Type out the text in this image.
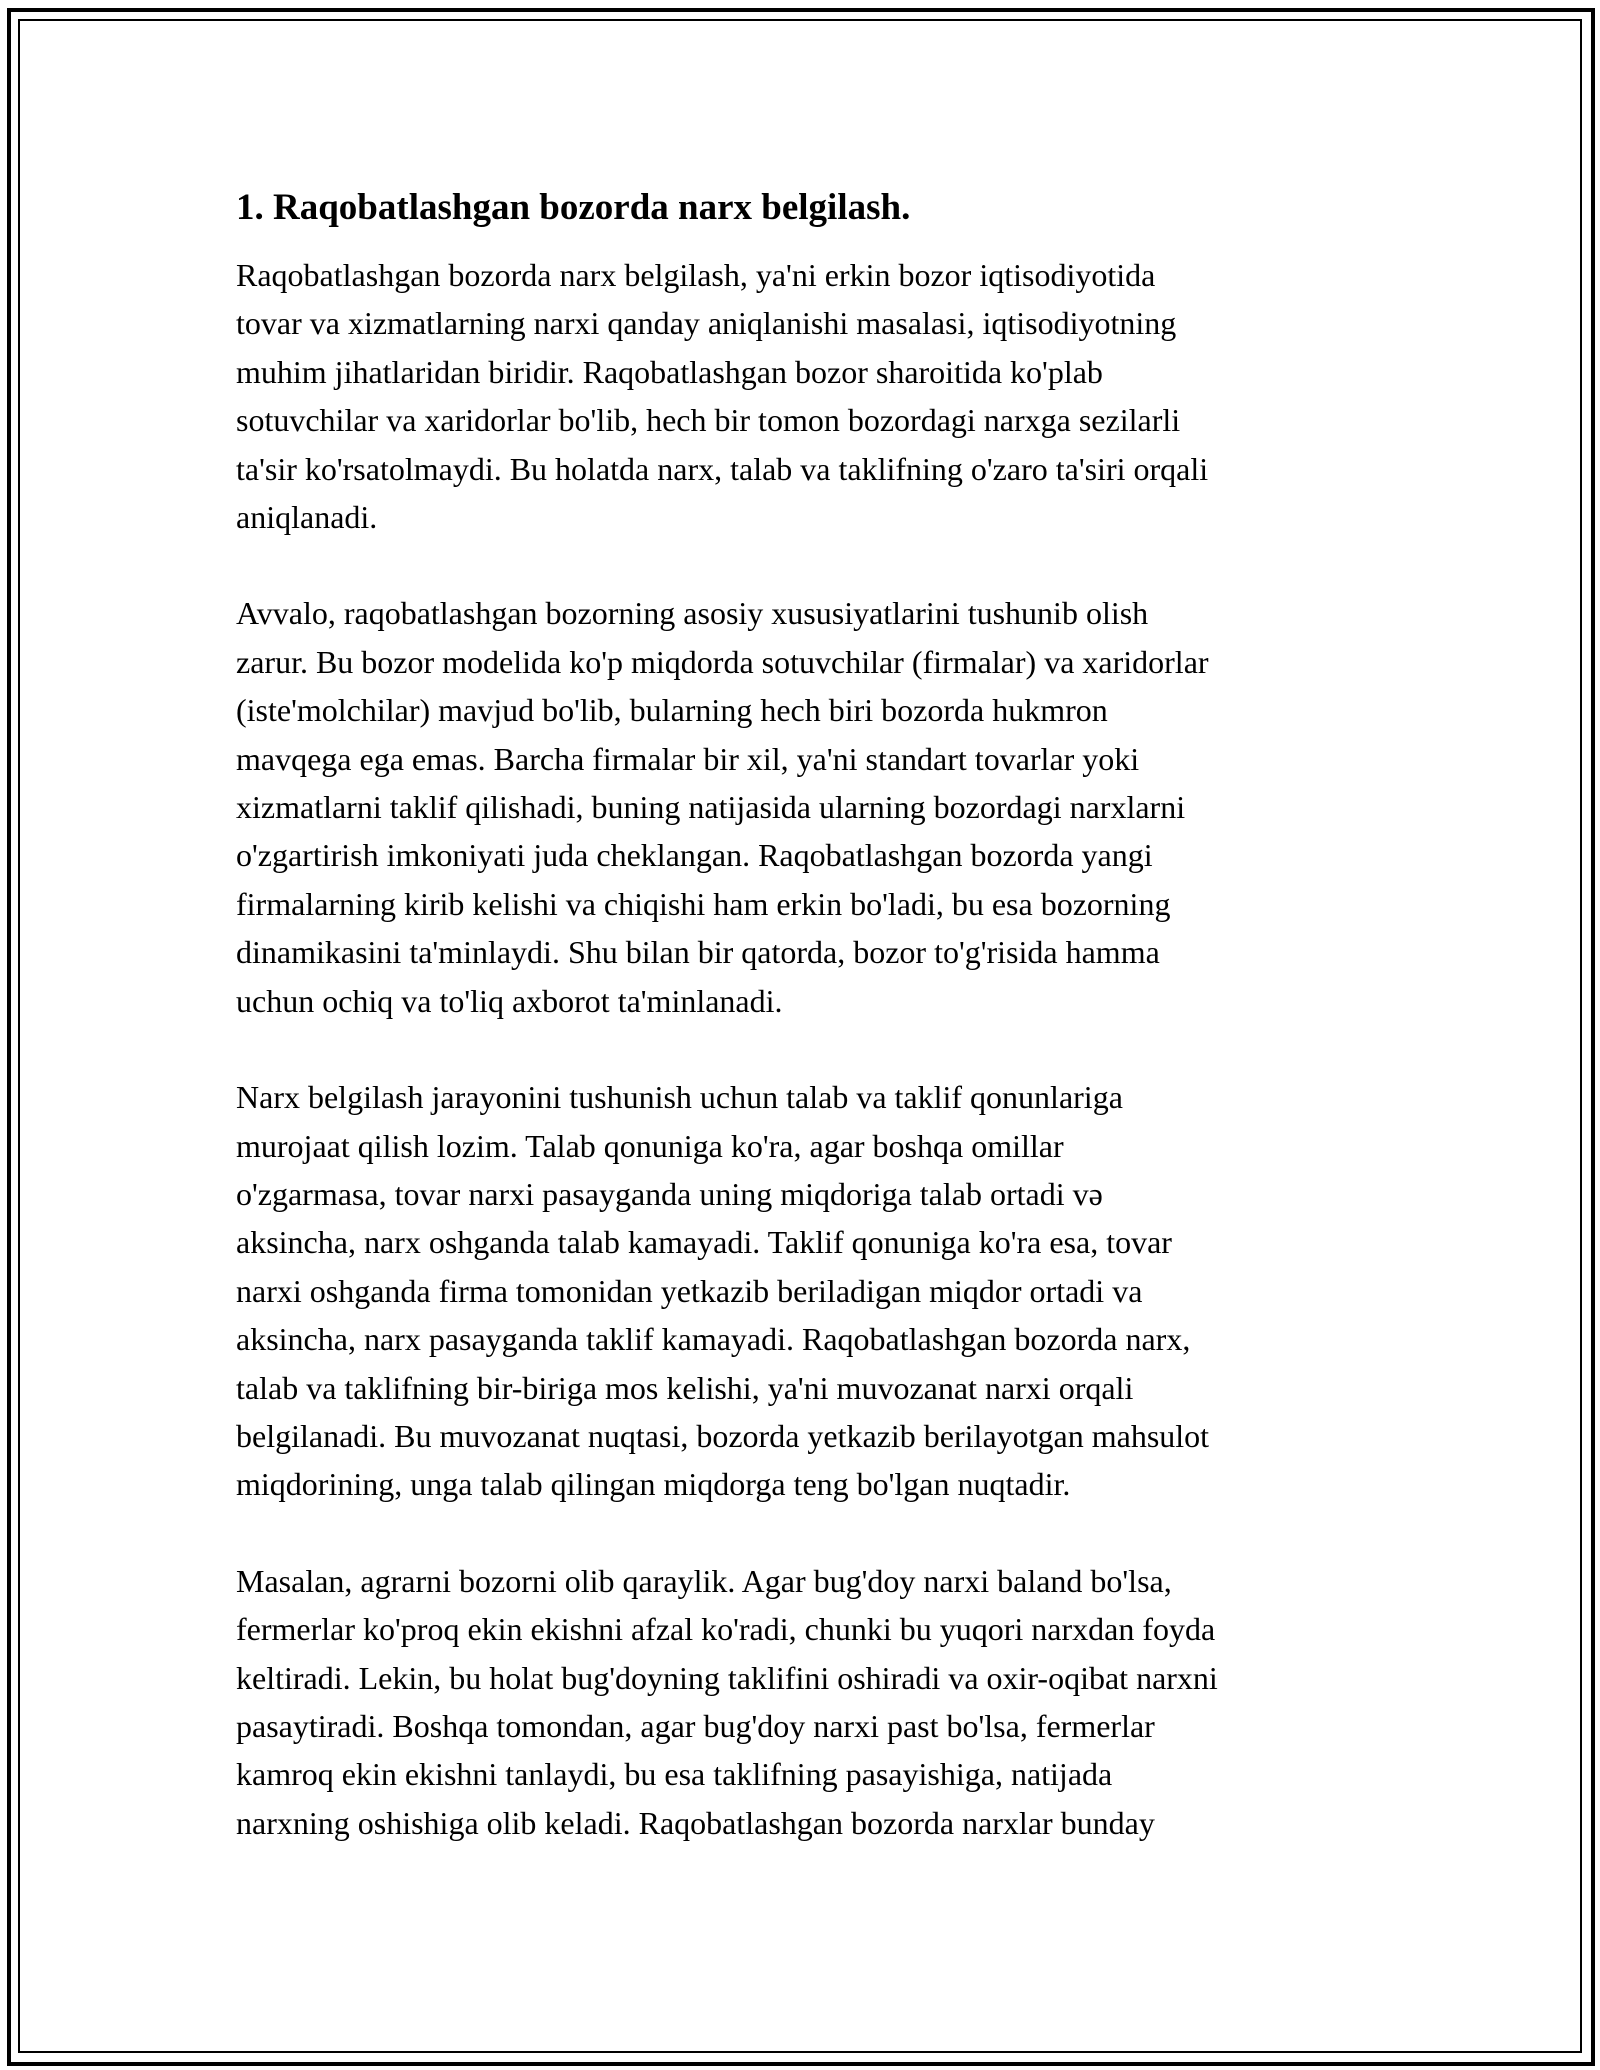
1. Raqobatlashgan bozorda narx belgilash.
Raqobatlashgan bozorda narx belgilash, ya'ni erkin bozor iqtisodiyotida
tovar va xizmatlarning narxi qanday aniqlanishi masalasi, iqtisodiyotning
muhim jihatlaridan biridir. Raqobatlashgan bozor sharoitida ko'plab
sotuvchilar va xaridorlar bo'lib, hech bir tomon bozordagi narxga sezilarli
ta'sir ko'rsatolmaydi. Bu holatda narx, talab va taklifning o'zaro ta'siri orqali
aniqlanadi.
Avvalo, raqobatlashgan bozorning asosiy xususiyatlarini tushunib olish
zarur. Bu bozor modelida ko'p miqdorda sotuvchilar (firmalar) va xaridorlar
(iste'molchilar) mavjud bo'lib, bularning hech biri bozorda hukmron
mavqega ega emas. Barcha firmalar bir xil, ya'ni standart tovarlar yoki
xizmatlarni taklif qilishadi, buning natijasida ularning bozordagi narxlarni
o'zgartirish imkoniyati juda cheklangan. Raqobatlashgan bozorda yangi
firmalarning kirib kelishi va chiqishi ham erkin bo'ladi, bu esa bozorning
dinamikasini ta'minlaydi. Shu bilan bir qatorda, bozor to'g'risida hamma
uchun ochiq va to'liq axborot ta'minlanadi.
Narx belgilash jarayonini tushunish uchun talab va taklif qonunlariga
murojaat qilish lozim. Talab qonuniga ko'ra, agar boshqa omillar
o'zgarmasa, tovar narxi pasayganda uning miqdoriga talab ortadi və
aksincha, narx oshganda talab kamayadi. Taklif qonuniga ko'ra esa, tovar
narxi oshganda firma tomonidan yetkazib beriladigan miqdor ortadi va
aksincha, narx pasayganda taklif kamayadi. Raqobatlashgan bozorda narx,
talab va taklifning bir-biriga mos kelishi, ya'ni muvozanat narxi orqali
belgilanadi. Bu muvozanat nuqtasi, bozorda yetkazib berilayotgan mahsulot
miqdorining, unga talab qilingan miqdorga teng bo'lgan nuqtadir.
Masalan, agrarni bozorni olib qaraylik. Agar bug'doy narxi baland bo'lsa,
fermerlar ko'proq ekin ekishni afzal ko'radi, chunki bu yuqori narxdan foyda
keltiradi. Lekin, bu holat bug'doyning taklifini oshiradi va oxir-oqibat narxni
pasaytiradi. Boshqa tomondan, agar bug'doy narxi past bo'lsa, fermerlar
kamroq ekin ekishni tanlaydi, bu esa taklifning pasayishiga, natijada
narxning oshishiga olib keladi. Raqobatlashgan bozorda narxlar bunday
